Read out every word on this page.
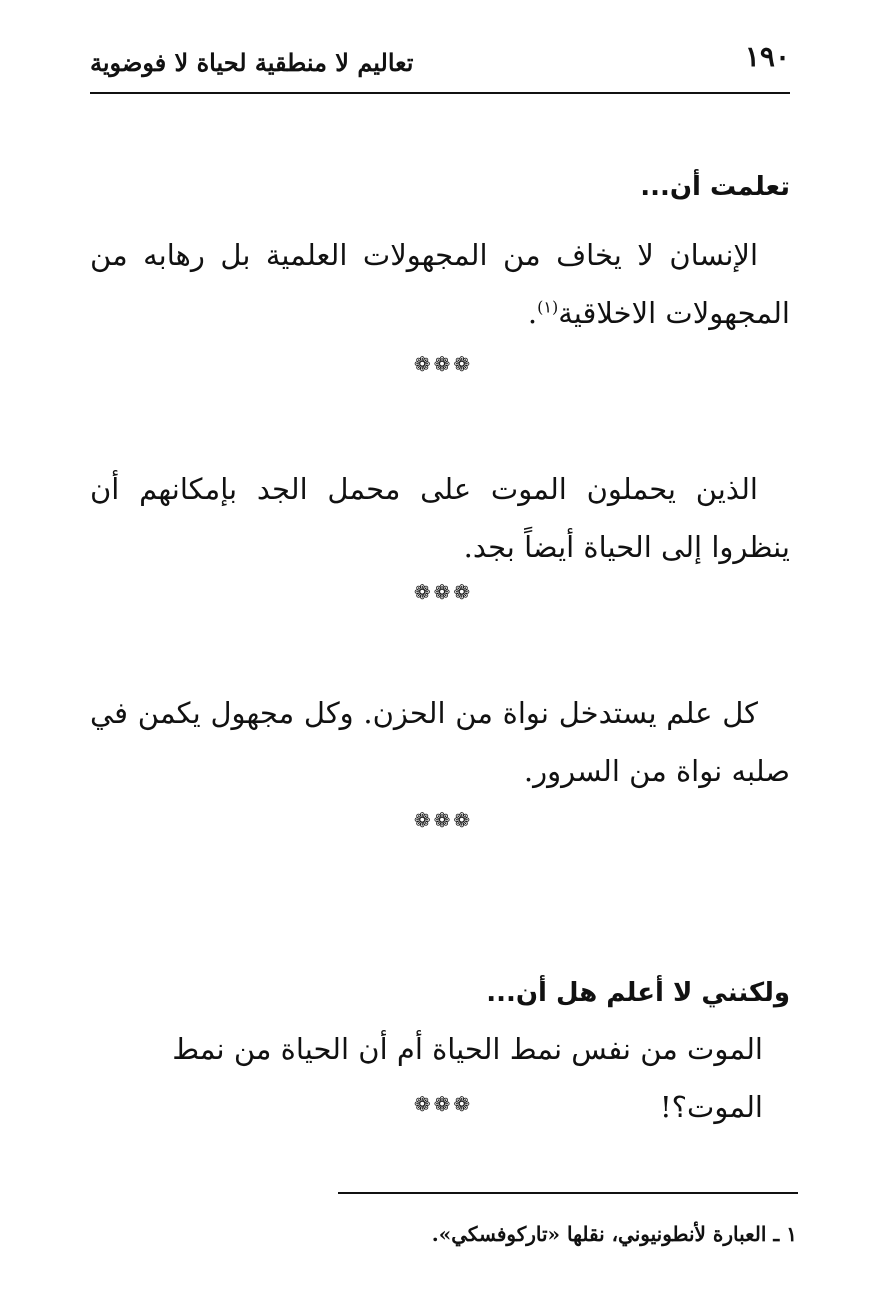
١٩٠
تعاليم لا منطقية لحياة لا فوضوية
تعلمت أن...

الإنسان لا يخاف من المجهولات العلمية بل رهابه من المجهولات الاخلاقية$^{(١)}$.

❁❁❁

الذين يحملون الموت على محمل الجد بإمكانهم أن ينظروا إلى الحياة أيضاً بجد.

❁❁❁

كل علم يستدخل نواة من الحزن. وكل مجهول يكمن في صلبه نواة من السرور.

❁❁❁
ولكنني لا أعلم هل أن...

الموت من نفس نمط الحياة أم أن الحياة من نمط الموت؟!

❁❁❁
١ ـ العبارة لأنطونيوني، نقلها «تاركوفسكي».
